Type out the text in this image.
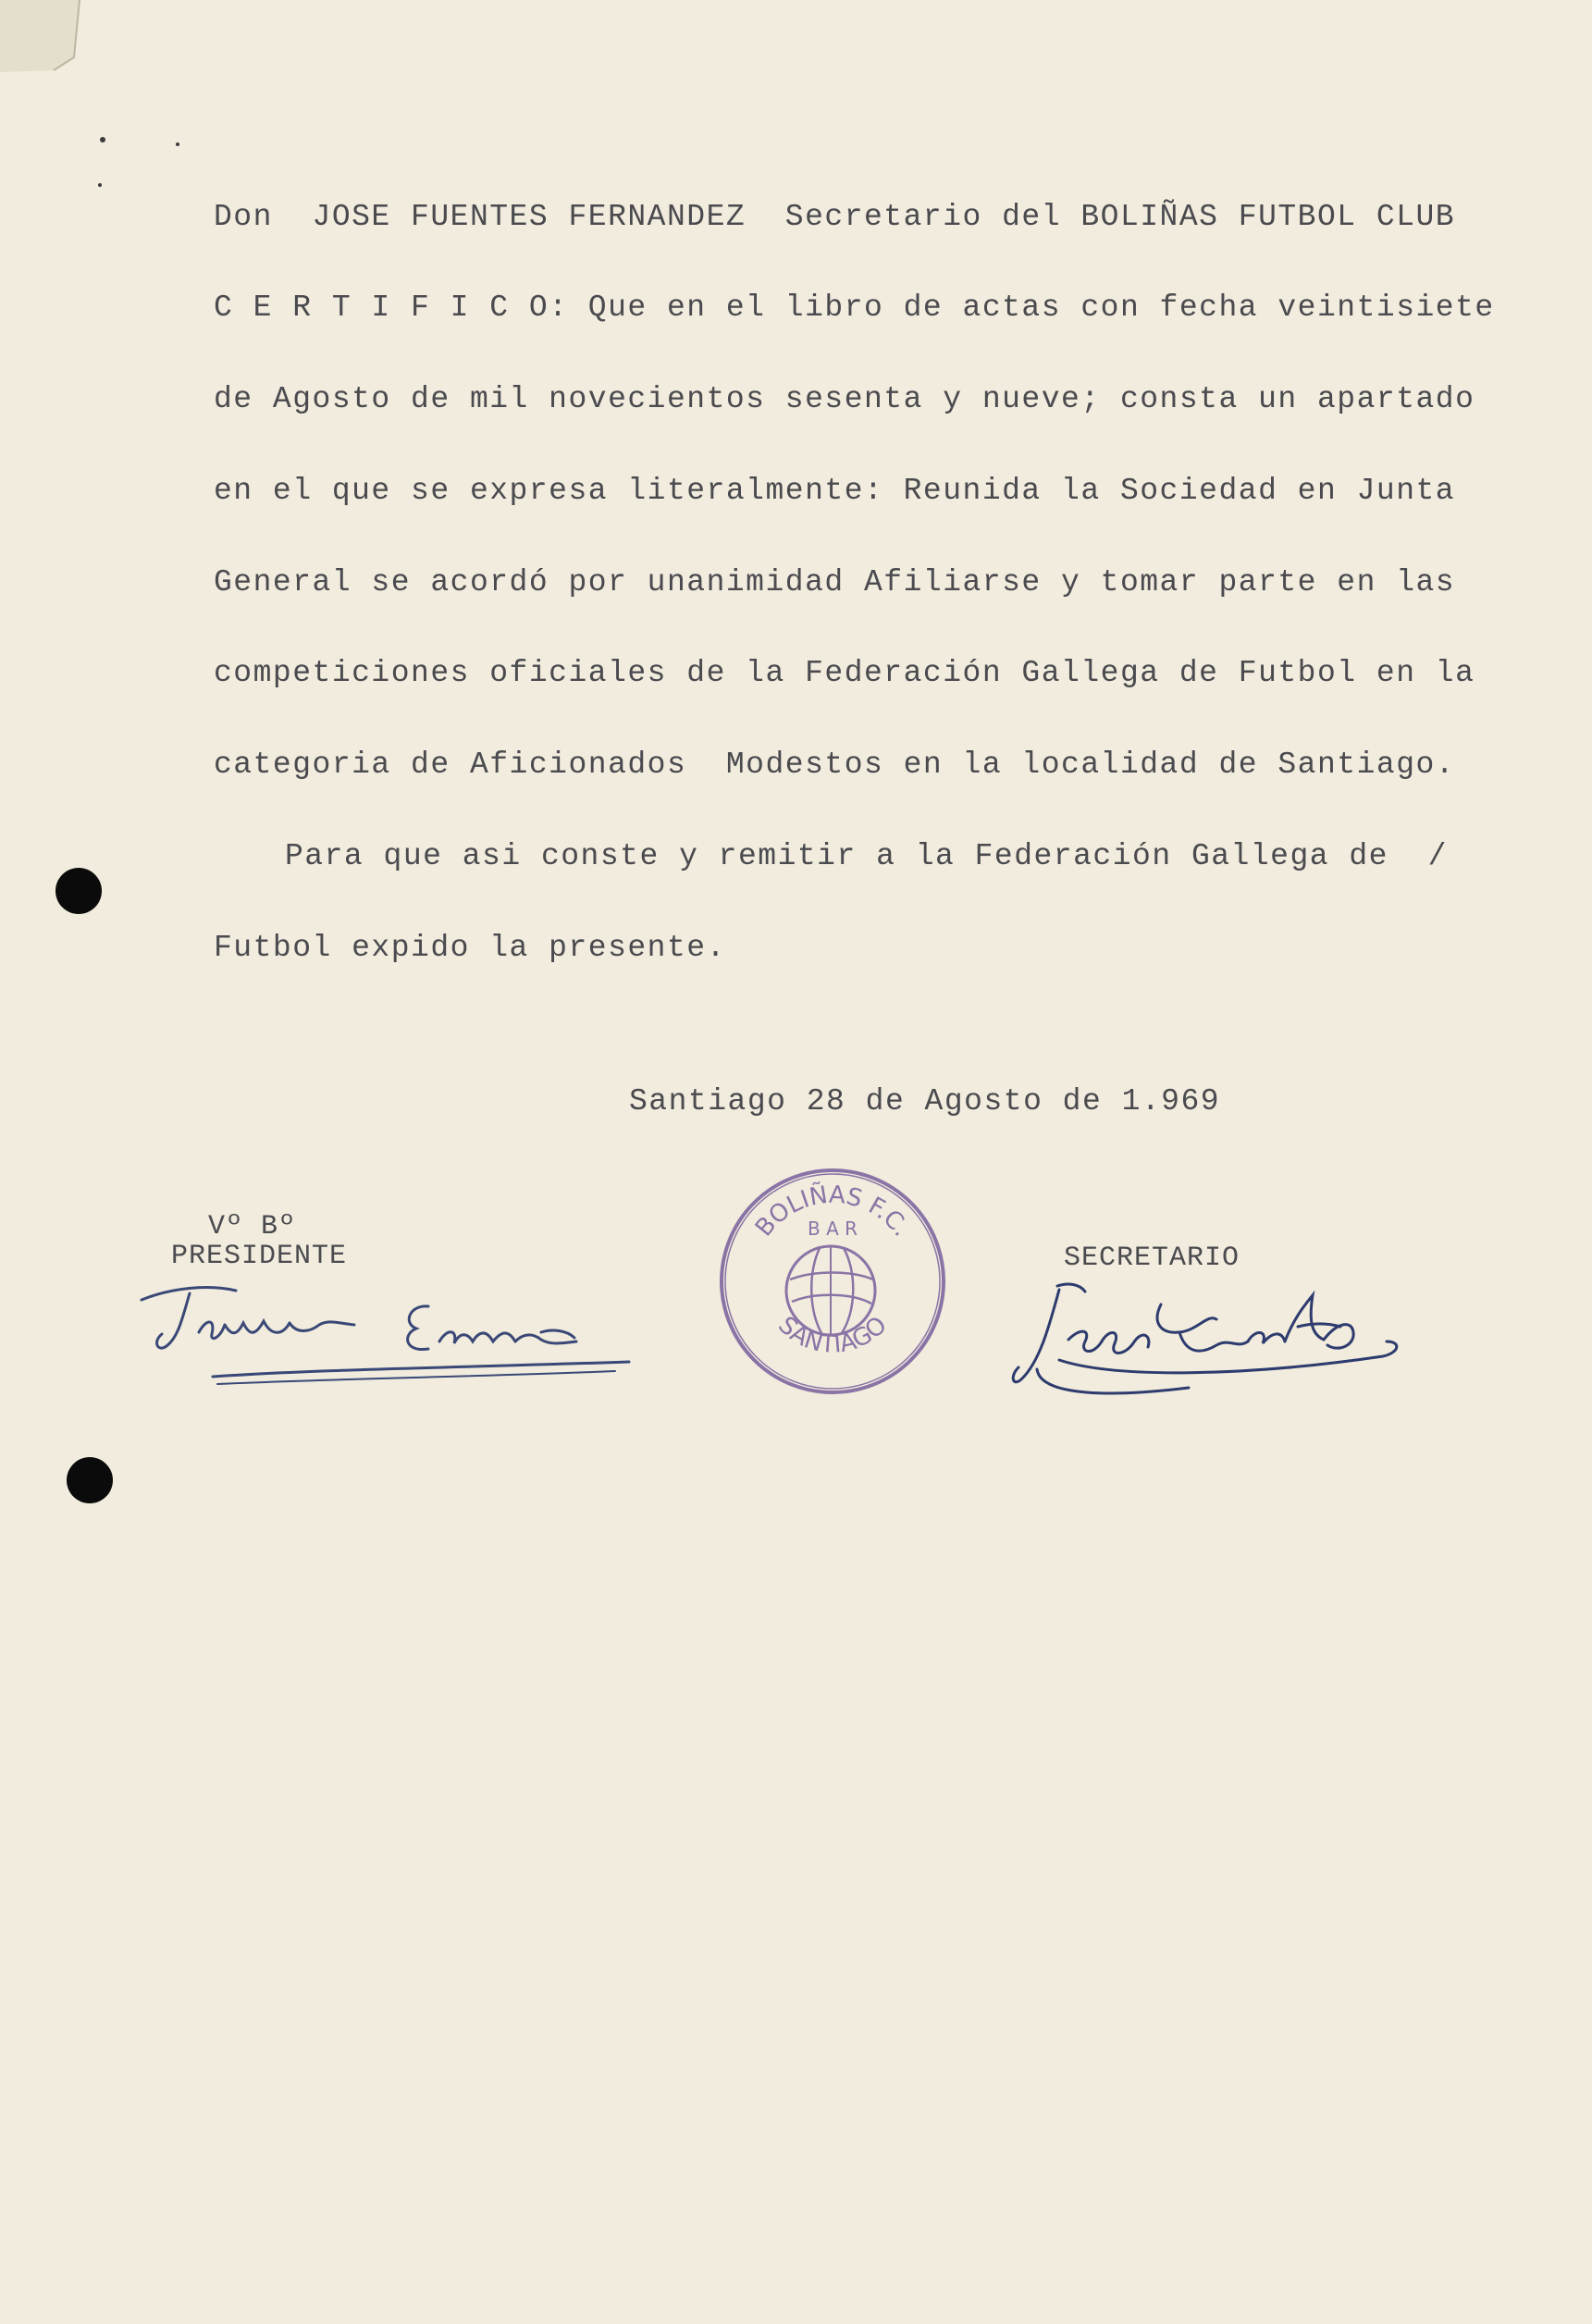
Don  JOSE FUENTES FERNANDEZ  Secretario del BOLIÑAS FUTBOL CLUB
C E R T I F I C O: Que en el libro de actas con fecha veintisiete
de Agosto de mil novecientos sesenta y nueve; consta un apartado
en el que se expresa literalmente: Reunida la Sociedad en Junta
General se acordó por unanimidad Afiliarse y tomar parte en las
competiciones oficiales de la Federación Gallega de Futbol en la
categoria de Aficionados  Modestos en la localidad de Santiago.
Para que asi conste y remitir a la Federación Gallega de  /
Futbol expido la presente.
Santiago 28 de Agosto de 1.969
Vº Bº
PRESIDENTE	SECRETARIO
BOLIÑAS F.C.
SANTIAGO
B A R
